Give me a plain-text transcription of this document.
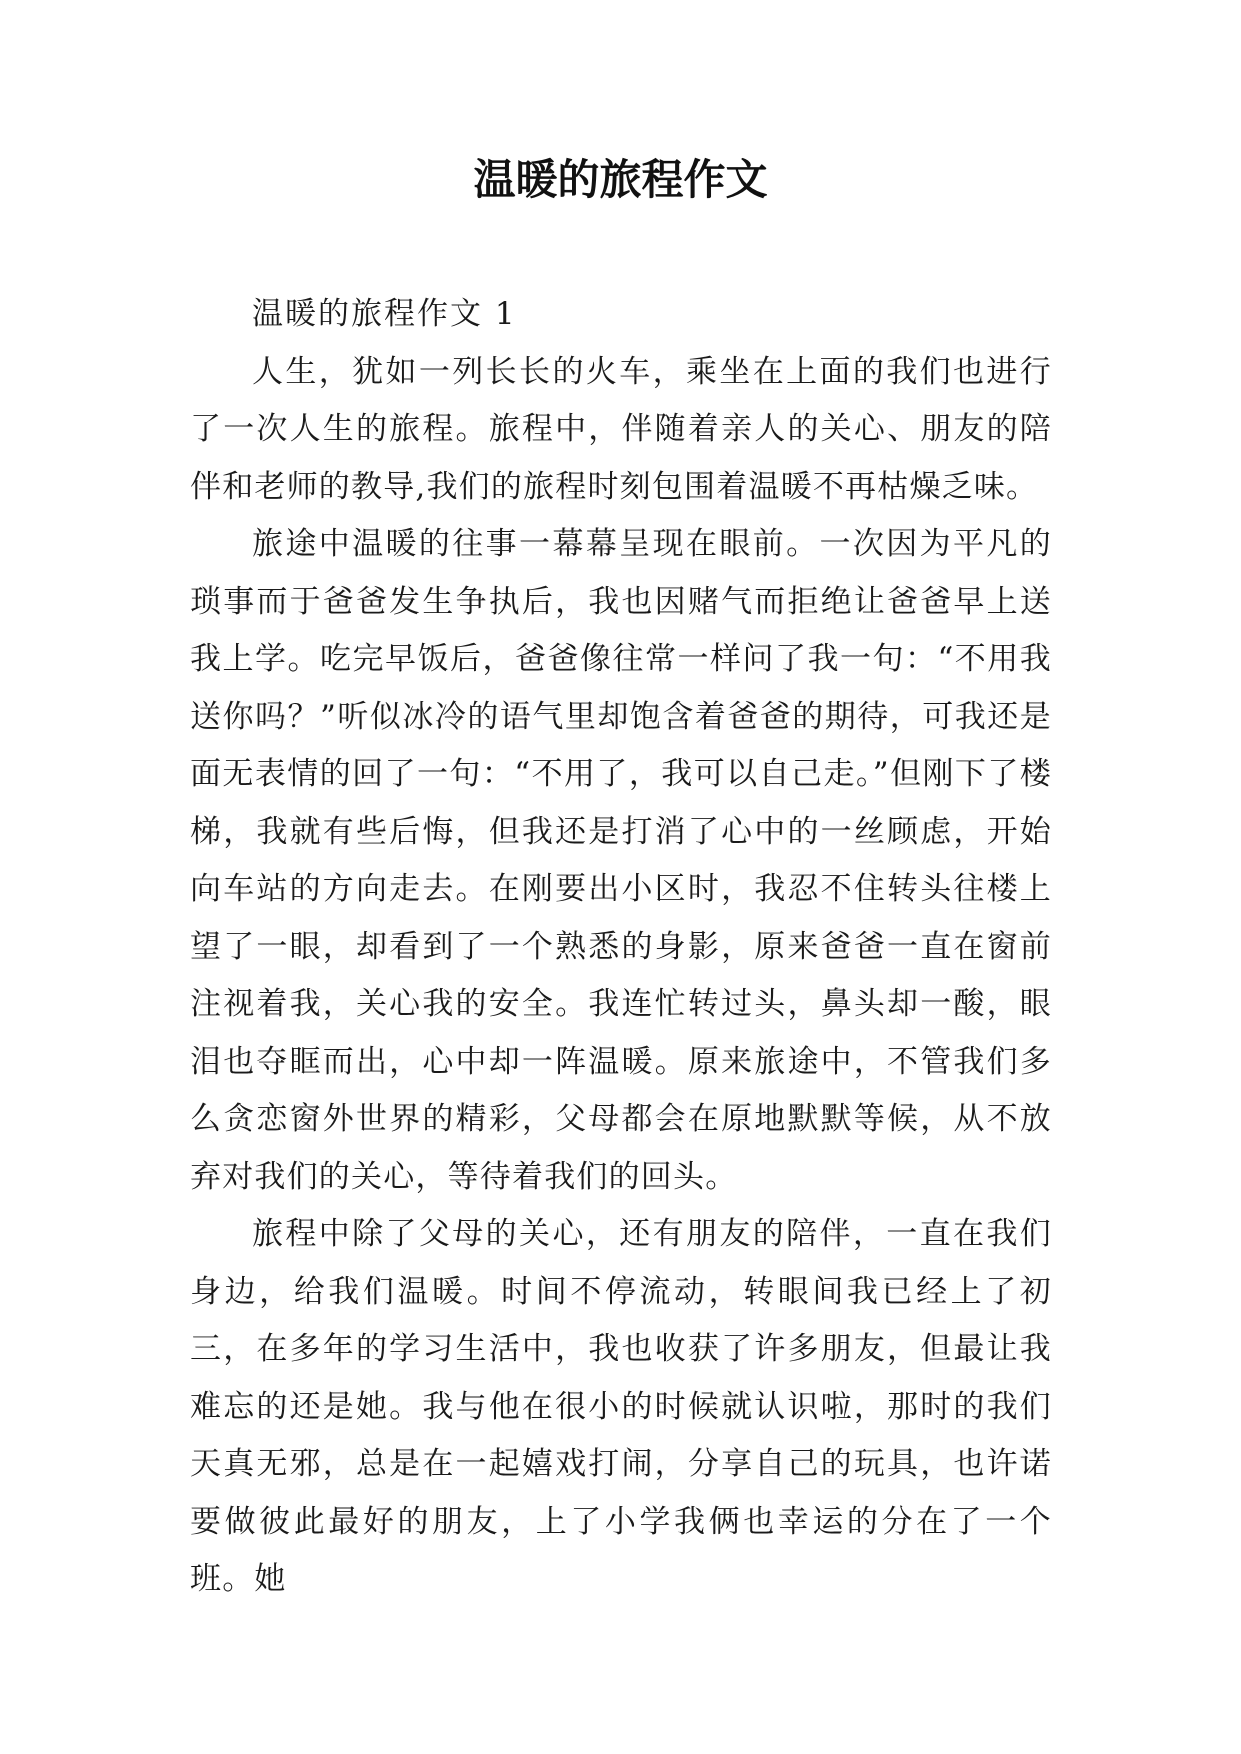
温暖的旅程作文

温暖的旅程作文 1

人生，犹如一列长长的火车，乘坐在上面的我们也进行了一次人生的旅程。旅程中，伴随着亲人的关心、朋友的陪伴和老师的教导,我们的旅程时刻包围着温暖不再枯燥乏味。

旅途中温暖的往事一幕幕呈现在眼前。一次因为平凡的琐事而于爸爸发生争执后，我也因赌气而拒绝让爸爸早上送我上学。吃完早饭后，爸爸像往常一样问了我一句：“不用我送你吗？”听似冰冷的语气里却饱含着爸爸的期待，可我还是面无表情的回了一句：“不用了，我可以自己走。”但刚下了楼梯，我就有些后悔，但我还是打消了心中的一丝顾虑，开始向车站的方向走去。在刚要出小区时，我忍不住转头往楼上望了一眼，却看到了一个熟悉的身影，原来爸爸一直在窗前注视着我，关心我的安全。我连忙转过头，鼻头却一酸，眼泪也夺眶而出，心中却一阵温暖。原来旅途中，不管我们多么贪恋窗外世界的精彩，父母都会在原地默默等候，从不放弃对我们的关心，等待着我们的回头。

旅程中除了父母的关心，还有朋友的陪伴，一直在我们身边，给我们温暖。时间不停流动，转眼间我已经上了初三，在多年的学习生活中，我也收获了许多朋友，但最让我难忘的还是她。我与他在很小的时候就认识啦，那时的我们天真无邪，总是在一起嬉戏打闹，分享自己的玩具，也许诺要做彼此最好的朋友，上了小学我俩也幸运的分在了一个班。她
